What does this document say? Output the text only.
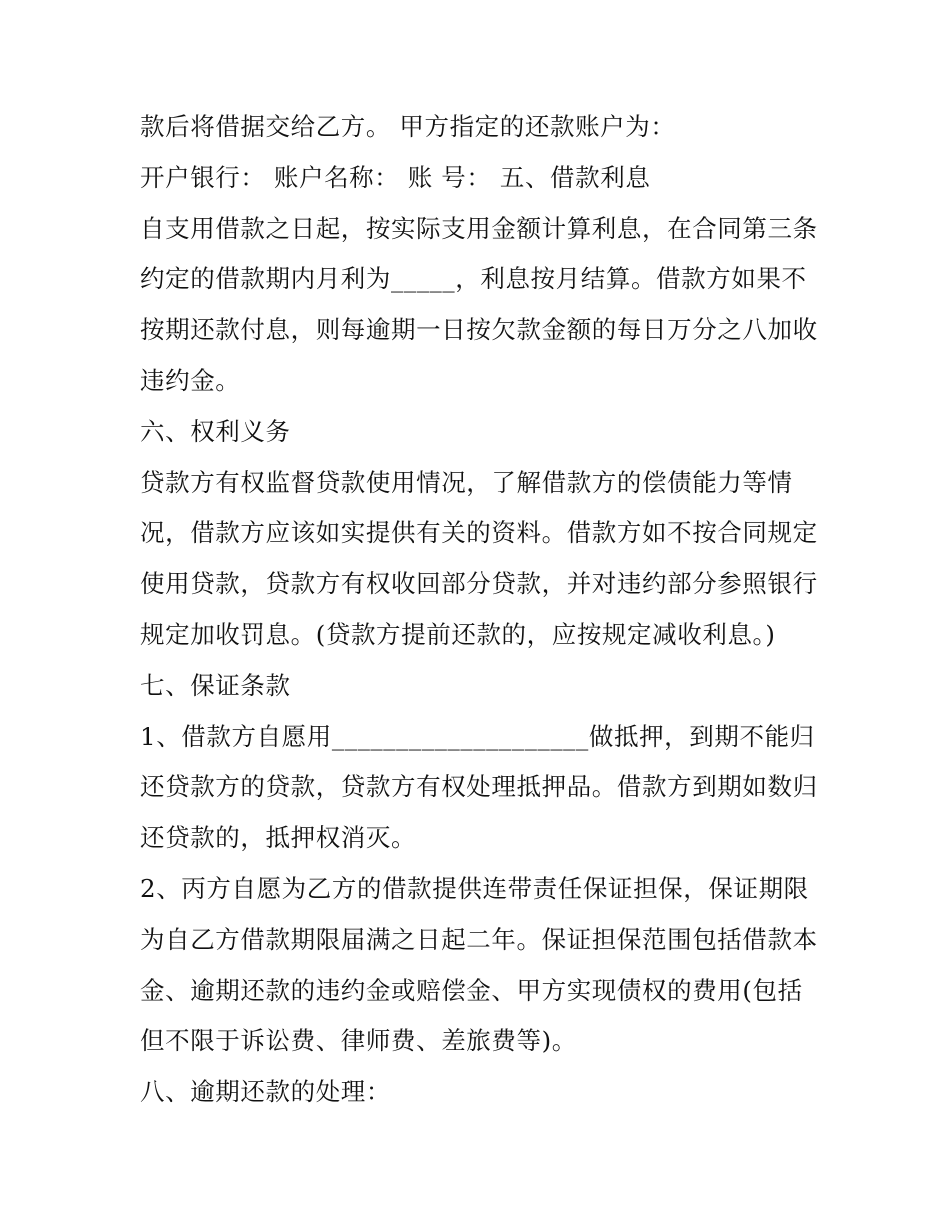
款后将借据交给乙方。 甲方指定的还款账户为：
开户银行： 账户名称： 账 号： 五、借款利息
自支用借款之日起，按实际支用金额计算利息，在合同第三条
约定的借款期内月利为_____，利息按月结算。借款方如果不
按期还款付息，则每逾期一日按欠款金额的每日万分之八加收
违约金。
六、权利义务
贷款方有权监督贷款使用情况，了解借款方的偿债能力等情
况，借款方应该如实提供有关的资料。借款方如不按合同规定
使用贷款，贷款方有权收回部分贷款，并对违约部分参照银行
规定加收罚息。(贷款方提前还款的，应按规定减收利息。)
七、保证条款
1、借款方自愿用____________________做抵押，到期不能归
还贷款方的贷款，贷款方有权处理抵押品。借款方到期如数归
还贷款的，抵押权消灭。
2、丙方自愿为乙方的借款提供连带责任保证担保，保证期限
为自乙方借款期限届满之日起二年。保证担保范围包括借款本
金、逾期还款的违约金或赔偿金、甲方实现债权的费用(包括
但不限于诉讼费、律师费、差旅费等)。
八、逾期还款的处理：
